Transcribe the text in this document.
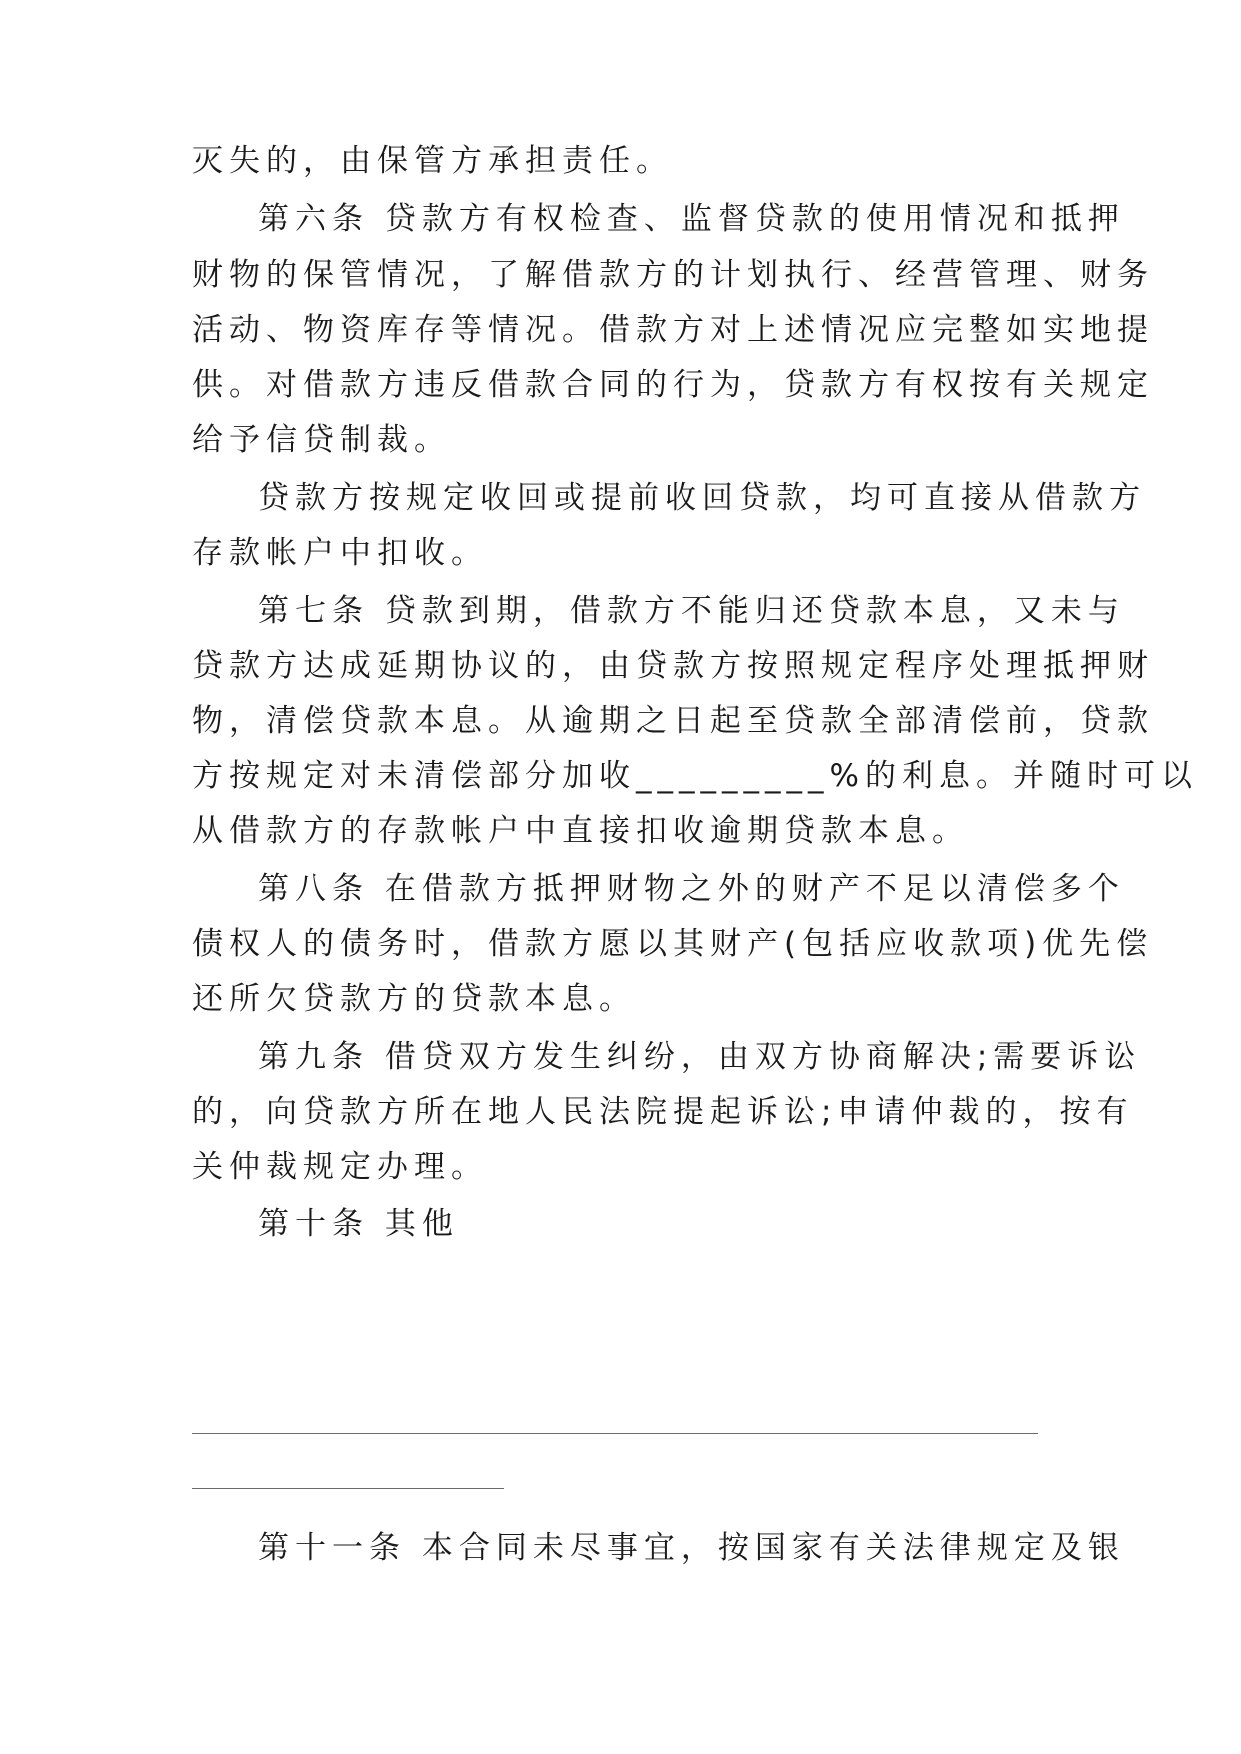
灭失的，由保管方承担责任。
第六条 贷款方有权检查、监督贷款的使用情况和抵押
财物的保管情况，了解借款方的计划执行、经营管理、财务
活动、物资库存等情况。借款方对上述情况应完整如实地提
供。对借款方违反借款合同的行为，贷款方有权按有关规定
给予信贷制裁。
贷款方按规定收回或提前收回贷款，均可直接从借款方
存款帐户中扣收。
第七条 贷款到期，借款方不能归还贷款本息，又未与
贷款方达成延期协议的，由贷款方按照规定程序处理抵押财
物，清偿贷款本息。从逾期之日起至贷款全部清偿前，贷款
方按规定对未清偿部分加收_________%的利息。并随时可以
从借款方的存款帐户中直接扣收逾期贷款本息。
第八条 在借款方抵押财物之外的财产不足以清偿多个
债权人的债务时，借款方愿以其财产(包括应收款项)优先偿
还所欠贷款方的贷款本息。
第九条 借贷双方发生纠纷，由双方协商解决;需要诉讼
的，向贷款方所在地人民法院提起诉讼;申请仲裁的，按有
关仲裁规定办理。
第十条 其他
第十一条 本合同未尽事宜，按国家有关法律规定及银
